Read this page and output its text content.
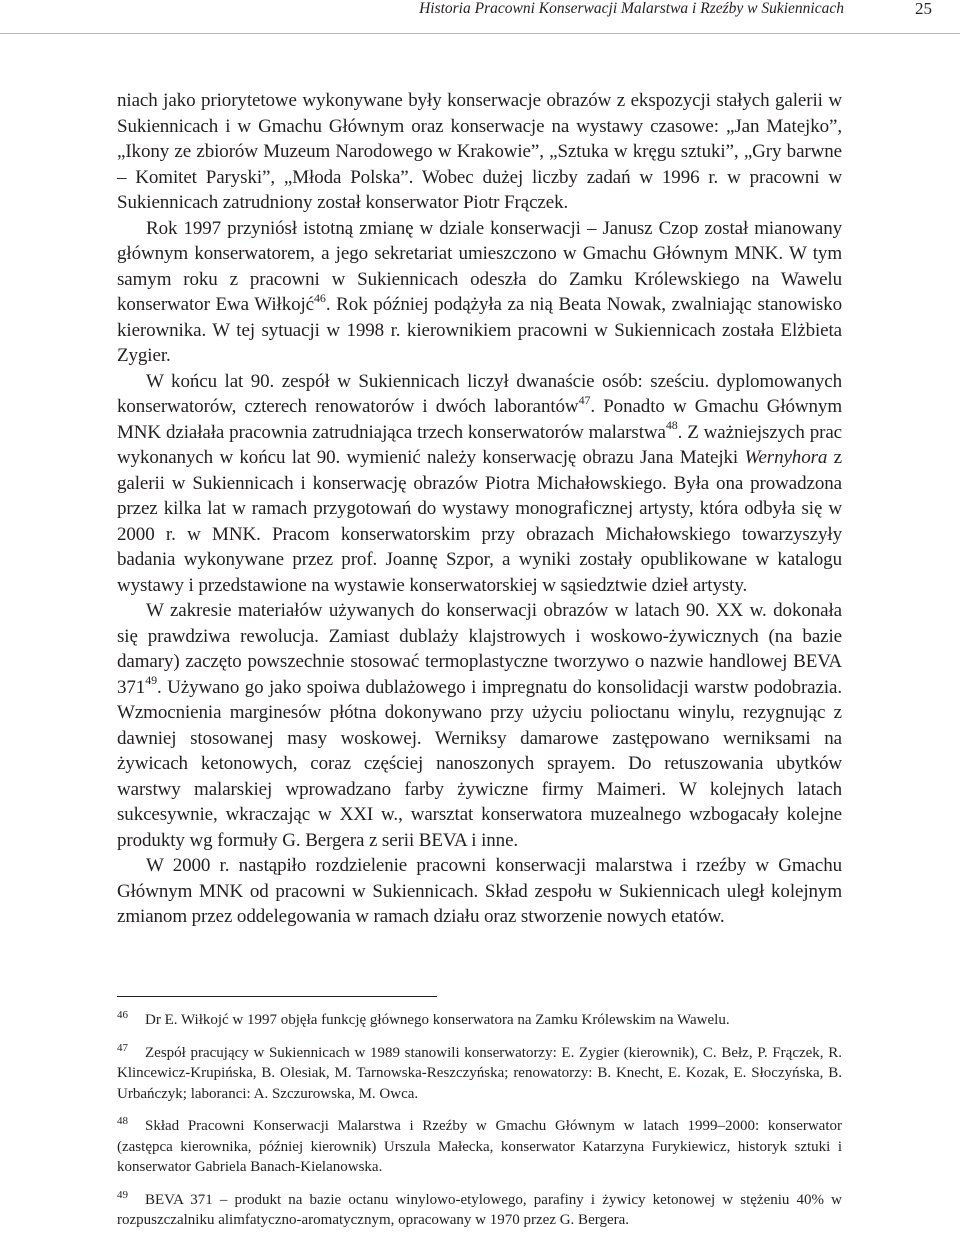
Historia Pracowni Konserwacji Malarstwa i Rzeźby w Sukiennicach	25

niach jako priorytetowe wykonywane były konserwacje obrazów z ekspozycji stałych galerii w Sukiennicach i w Gmachu Głównym oraz konserwacje na wystawy czasowe: „Jan Matejko”, „Ikony ze zbiorów Muzeum Narodowego w Krakowie”, „Sztuka w kręgu sztuki”, „Gry barwne – Komitet Paryski”, „Młoda Polska”. Wobec dużej liczby zadań w 1996 r. w pracowni w Sukiennicach zatrudniony został konserwator Piotr Frączek.

Rok 1997 przyniósł istotną zmianę w dziale konserwacji – Janusz Czop został mianowany głównym konserwatorem, a jego sekretariat umieszczono w Gmachu Głównym MNK. W tym samym roku z pracowni w Sukiennicach odeszła do Zamku Królewskiego na Wawelu konserwator Ewa Wiłkojć$^{46}$. Rok później podążyła za nią Beata Nowak, zwalniając stanowisko kierownika. W tej sytuacji w 1998 r. kierownikiem pracowni w Sukiennicach została Elżbieta Zygier.

W końcu lat 90. zespół w Sukiennicach liczył dwanaście osób: sześciu. dyplomowanych konserwatorów, czterech renowatorów i dwóch laborantów$^{47}$. Ponadto w Gmachu Głównym MNK działała pracownia zatrudniająca trzech konserwatorów malarstwa$^{48}$. Z ważniejszych prac wykonanych w końcu lat 90. wymienić należy konserwację obrazu Jana Matejki Wernyhora z galerii w Sukiennicach i konserwację obrazów Piotra Michałowskiego. Była ona prowadzona przez kilka lat w ramach przygotowań do wystawy monograficznej artysty, która odbyła się w 2000 r. w MNK. Pracom konserwatorskim przy obrazach Michałowskiego towarzyszyły badania wykonywane przez prof. Joannę Szpor, a wyniki zostały opublikowane w katalogu wystawy i przedstawione na wystawie konserwatorskiej w sąsiedztwie dzieł artysty.

W zakresie materiałów używanych do konserwacji obrazów w latach 90. XX w. dokonała się prawdziwa rewolucja. Zamiast dublaży klajstrowych i woskowo-żywicznych (na bazie damary) zaczęto powszechnie stosować termoplastyczne tworzywo o nazwie handlowej BEVA $371^{49}$. Używano go jako spoiwa dublażowego i impregnatu do konsolidacji warstw podobrazia. Wzmocnienia marginesów płótna dokonywano przy użyciu polioctanu winylu, rezygnując z dawniej stosowanej masy woskowej. Werniksy damarowe zastępowano werniksami na żywicach ketonowych, coraz częściej nanoszonych sprayem. Do retuszowania ubytków warstwy malarskiej wprowadzano farby żywiczne firmy Maimeri. W kolejnych latach sukcesywnie, wkraczając w XXI w., warsztat konserwatora muzealnego wzbogacały kolejne produkty wg formuły G. Bergera z serii BEVA i inne.

W 2000 r. nastąpiło rozdzielenie pracowni konserwacji malarstwa i rzeźby w Gmachu Głównym MNK od pracowni w Sukiennicach. Skład zespołu w Sukiennicach uległ kolejnym zmianom przez oddelegowania w ramach działu oraz stworzenie nowych etatów.

46 Dr E. Wiłkojć w 1997 objęła funkcję głównego konserwatora na Zamku Królewskim na Wawelu.

47 Zespół pracujący w Sukiennicach w 1989 stanowili konserwatorzy: E. Zygier (kierownik), C. Bełz, P. Frączek, R. Klincewicz-Krupińska, B. Olesiak, M. Tarnowska-Reszczyńska; renowatorzy: B. Knecht, E. Kozak, E. Słoczyńska, B. Urbańczyk; laboranci: A. Szczurowska, M. Owca.

48 Skład Pracowni Konserwacji Malarstwa i Rzeźby w Gmachu Głównym w latach 1999–2000: konserwator (zastępca kierownika, później kierownik) Urszula Małecka, konserwator Katarzyna Furykiewicz, historyk sztuki i konserwator Gabriela Banach-Kielanowska.

49 BEVA 371 – produkt na bazie octanu winylowo-etylowego, parafiny i żywicy ketonowej w stężeniu 40% w rozpuszczalniku alimfatyczno-aromatycznym, opracowany w 1970 przez G. Bergera.
